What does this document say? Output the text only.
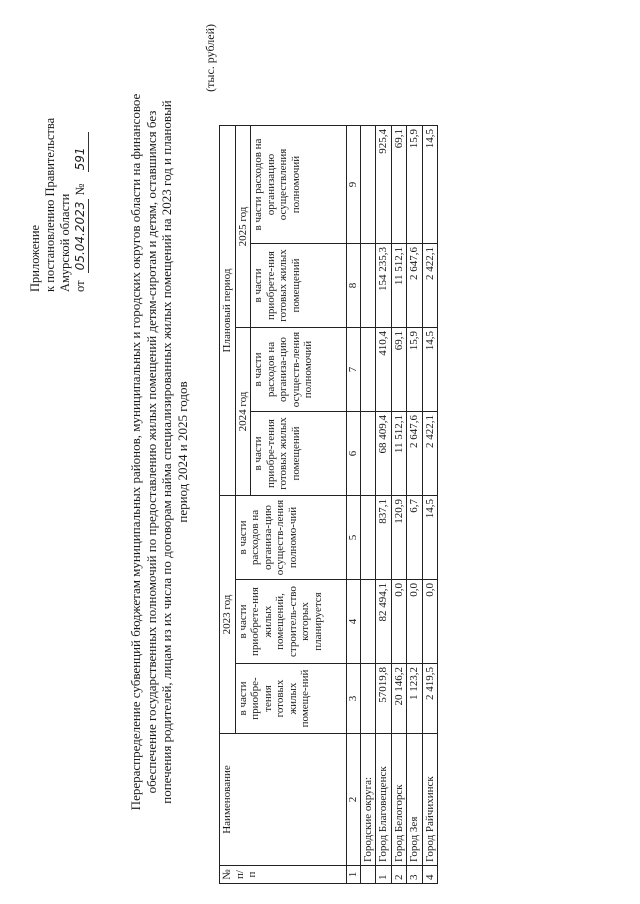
Приложение к постановлению Правительства Амурской области от 05.04.2023 № 591	Перераспределение субвенций бюджетам муниципальных районов, муниципальных и городских округов области на финансовое обеспечение государственных полномочий по предоставлению жилых помещений детям-сиротам и детям, оставшимся без попечения родителей, лицам из их числа по договорам найма специализированных жилых помещений на 2023 год и плановый период 2024 и 2025 годов
(тыс. рублей)
№ п/п	Наименование	2023 год			Плановый период			
		в части приобре-тения готовых жилых помеще-ний	в части приобрете-ния жилых помещений, строитель-ство которых планируется	в части расходов на организа-цию осуществ-ления полномо-чий	2024 год		2025 год	
					в части приобре-тения готовых жилых помещений	в части расходов на организа-цию осуществ-ления полномочий	в части приобрете-ния готовых жилых помещений	в части расходов на организацию осуществления полномочий
1	2	3	4	5	6	7	8	9
	Городские округа:							
1	Город Благовещенск	57019,8	82 494,1	837,1	68 409,4	410,4	154 235,3	925,4
2	Город Белогорск	20 146,2	0,0	120,9	11 512,1	69,1	11 512,1	69,1
3	Город Зея	1 123,2	0,0	6,7	2 647,6	15,9	2 647,6	15,9
4	Город Райчихинск	2 419,5	0,0	14,5	2 422,1	14,5	2 422,1	14,5
